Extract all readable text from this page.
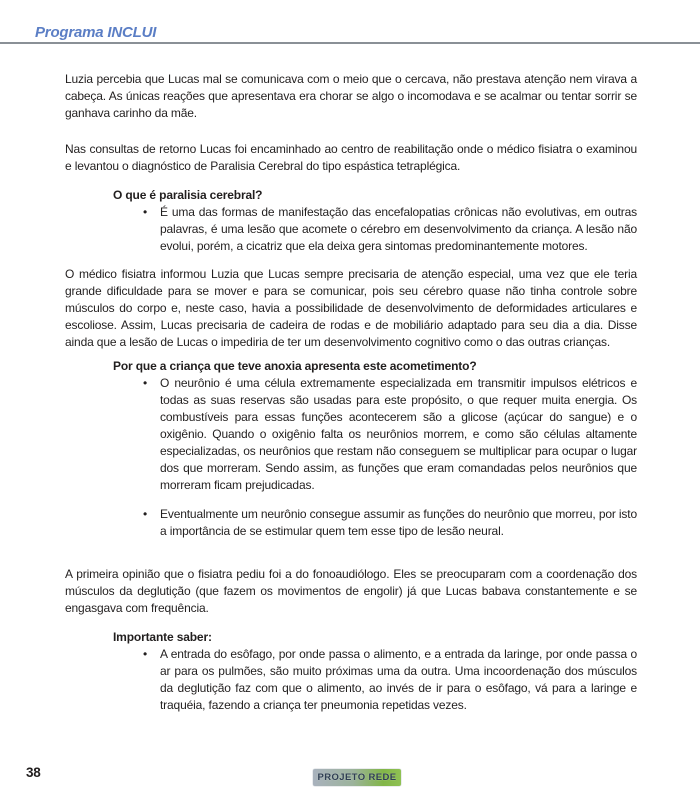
Programa INCLUI

Luzia percebia que Lucas mal se comunicava com o meio que o cercava, não prestava atenção nem virava a cabeça. As únicas reações que apresentava era chorar se algo o incomodava e se acalmar ou tentar sorrir se ganhava carinho da mãe.

Nas consultas de retorno Lucas foi encaminhado ao centro de reabilitação onde o médico fisiatra o examinou e levantou o diagnóstico de Paralisia Cerebral do tipo espástica tetraplégica.

O que é paralisia cerebral?

• É uma das formas de manifestação das encefalopatias crônicas não evolutivas, em outras palavras, é uma lesão que acomete o cérebro em desenvolvimento da criança. A lesão não evolui, porém, a cicatriz que ela deixa gera sintomas predominantemente motores.

O médico fisiatra informou Luzia que Lucas sempre precisaria de atenção especial, uma vez que ele teria grande dificuldade para se mover e para se comunicar, pois seu cérebro quase não tinha controle sobre músculos do corpo e, neste caso, havia a possibilidade de desenvolvimento de deformidades articulares e escoliose. Assim, Lucas precisaria de cadeira de rodas e de mobiliário adaptado para seu dia a dia. Disse ainda que a lesão de Lucas o impediria de ter um desenvolvimento cognitivo como o das outras crianças.

Por que a criança que teve anoxia apresenta este acometimento?

• O neurônio é uma célula extremamente especializada em transmitir impulsos elétricos e todas as suas reservas são usadas para este propósito, o que requer muita energia. Os combustíveis para essas funções acontecerem são a glicose (açúcar do sangue) e o oxigênio. Quando o oxigênio falta os neurônios morrem, e como são células altamente especializadas, os neurônios que restam não conseguem se multiplicar para ocupar o lugar dos que morreram. Sendo assim, as funções que eram comandadas pelos neurônios que morreram ficam prejudicadas.
• Eventualmente um neurônio consegue assumir as funções do neurônio que morreu, por isto a importância de se estimular quem tem esse tipo de lesão neural.

A primeira opinião que o fisiatra pediu foi a do fonoaudiólogo. Eles se preocuparam com a coordenação dos músculos da deglutição (que fazem os movimentos de engolir) já que Lucas babava constantemente e se engasgava com frequência.

Importante saber:

• A entrada do esôfago, por onde passa o alimento, e a entrada da laringe, por onde passa o ar para os pulmões, são muito próximas uma da outra. Uma incoordenação dos músculos da deglutição faz com que o alimento, ao invés de ir para o esôfago, vá para a laringe e traquéia, fazendo a criança ter pneumonia repetidas vezes.
38	PROJETO REDE
